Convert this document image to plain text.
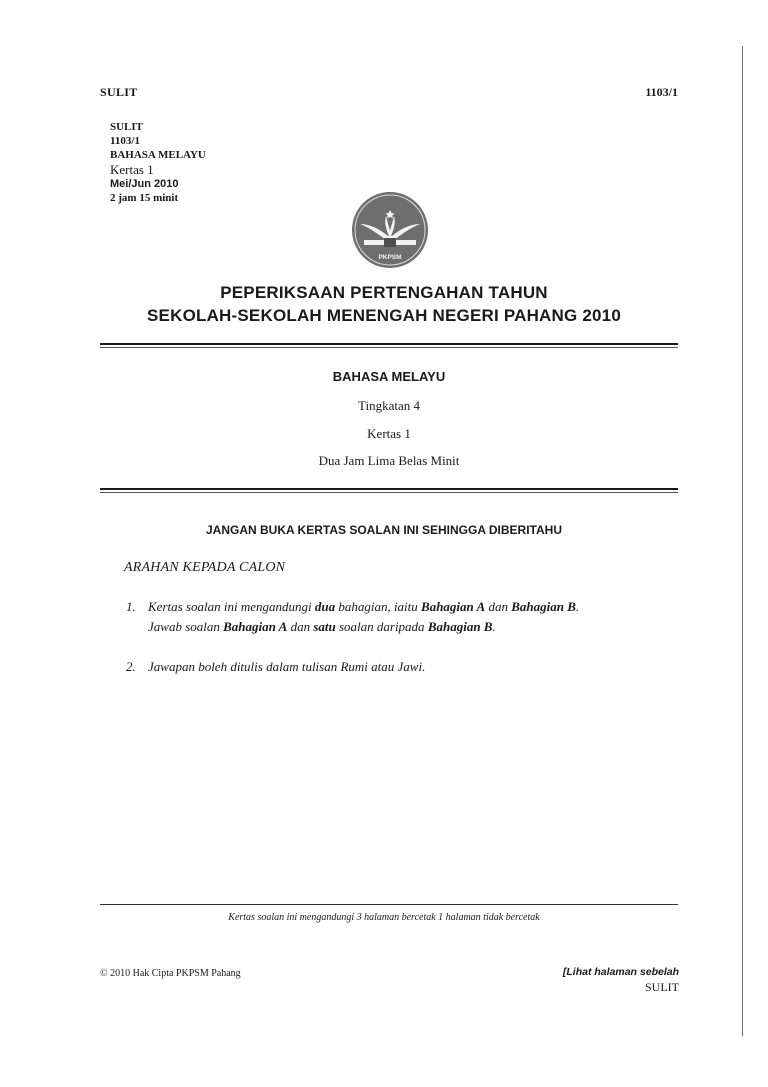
SULIT	1103/1
SULIT
1103/1
BAHASA MELAYU
Kertas 1
Mei/Jun 2010
2 jam 15 minit
PKPSM
PEPERIKSAAN PERTENGAHAN TAHUN
SEKOLAH-SEKOLAH MENENGAH NEGERI PAHANG 2010
BAHASA MELAYU
Tingkatan 4
Kertas 1
Dua Jam Lima Belas Minit
JANGAN BUKA KERTAS SOALAN INI SEHINGGA DIBERITAHU
ARAHAN KEPADA CALON
1. Kertas soalan ini mengandungi dua bahagian, iaitu Bahagian A dan Bahagian B.
Jawab soalan Bahagian A dan satu soalan daripada Bahagian B.
2. Jawapan boleh ditulis dalam tulisan Rumi atau Jawi.
Kertas soalan ini mengandungi 3 halaman bercetak 1 halaman tidak bercetak
© 2010 Hak Cipta PKPSM Pahang	[Lihat halaman sebelah
SULIT
